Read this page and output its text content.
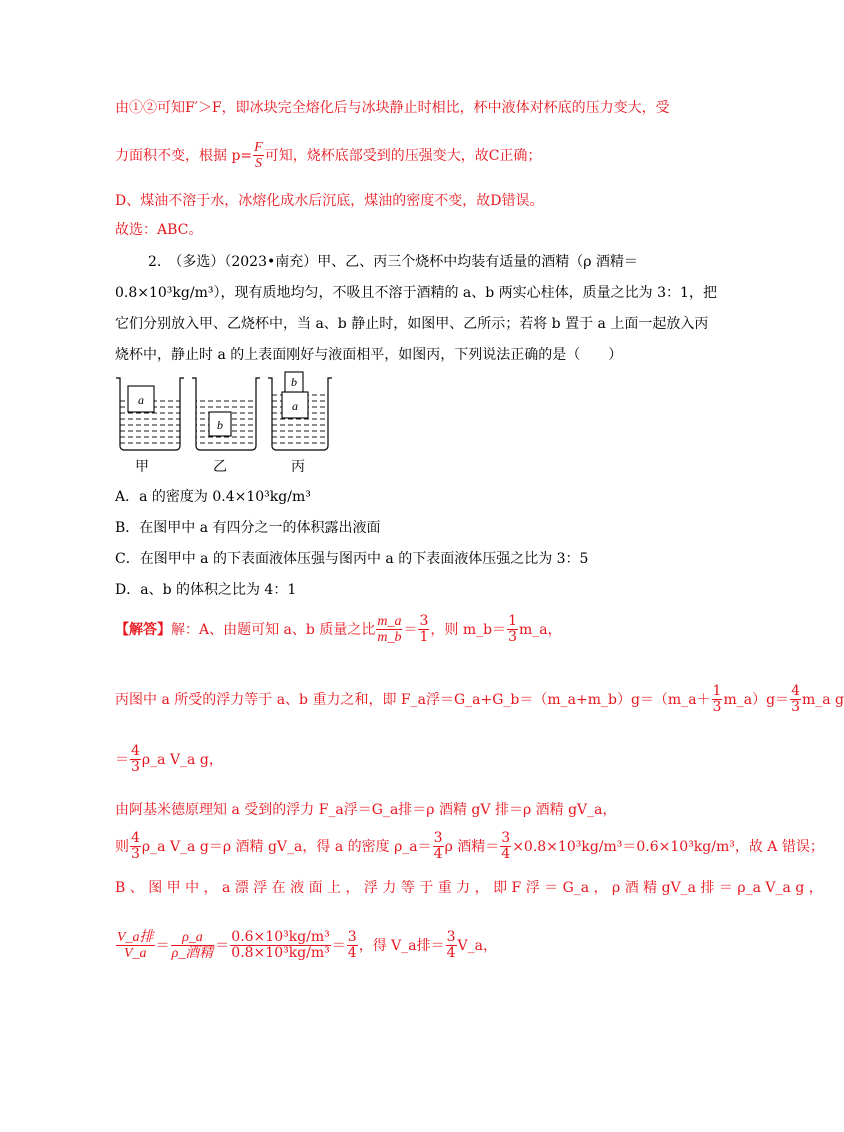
由①②可知F′＞F，即冰块完全熔化后与冰块静止时相比，杯中液体对杯底的压力变大，受
力面积不变，根据 $p= \frac{F}{S}$ 可知，烧杯底部受到的压强变大，故C正确；
D、煤油不溶于水，冰熔化成水后沉底，煤油的密度不变，故D错误。
故选：ABC。
2.　（多选）（2023•南充）甲、乙、丙三个烧杯中均装有适量的酒精（ρ 酒精＝
0.8×10³kg/m³），现有质地均匀，不吸且不溶于酒精的 a、b 两实心柱体，质量之比为 3：1，把
它们分别放入甲、乙烧杯中，当 a、b 静止时，如图甲、乙所示；若将 b 置于 a 上面一起放入丙
烧杯中，静止时 a 的上表面刚好与液面相平，如图丙，下列说法正确的是（　　）
a
b
a
b
甲	乙	丙
A．a 的密度为 0.4×10³kg/m³
B．在图甲中 a 有四分之一的体积露出液面
C．在图甲中 a 的下表面液体压强与图丙中 a 的下表面液体压强之比为 3：5
D．a、b 的体积之比为 4：1
【解答】解：A、由题可知 a、b 质量之比 $\frac{m\_a}{m\_b} = \frac{3}{1}$ ，则 m_b＝ $\frac{1}{3}$ m_a，
丙图中 a 所受的浮力等于 a、b 重力之和，即 F_a浮＝G_a+G_b＝（m_a+m_b）g＝（m_a＋ $\frac{1}{3}$ m_a）g＝ $\frac{4}{3}$ m_a g
＝ $\frac{4}{3}$ ρ_a V_a g，
由阿基米德原理知 a 受到的浮力 F_a浮＝G_a排＝ρ 酒精 gV 排＝ρ 酒精 gV_a，
则 $\frac{4}{3}$ ρ_a V_a g＝ρ 酒精 gV_a，得 a 的密度 ρ_a＝ $\frac{3}{4}$ ρ 酒精＝ $\frac{3}{4} \times 0.8\times 10^3kg/m^3=0.6\times 10^3kg/m^3$，故 A 错误；
B 、 图 甲 中 ， a 漂 浮 在 液 面 上 ， 浮 力 等 于 重 力 ， 即 F 浮 ＝ G_a ， ρ 酒 精 gV_a 排 ＝ ρ_a V_a g ，
$\frac{\text{V\_a排}}{V\_a} = \frac{\rho\_a}{\text{ρ\_酒精}} = \frac{\text{0.6×10³kg/m³}}{\text{0.8×10³kg/m³}} = \frac{3}{4}$ ，得 V_a排＝ $\frac{3}{4}$ V_a，
